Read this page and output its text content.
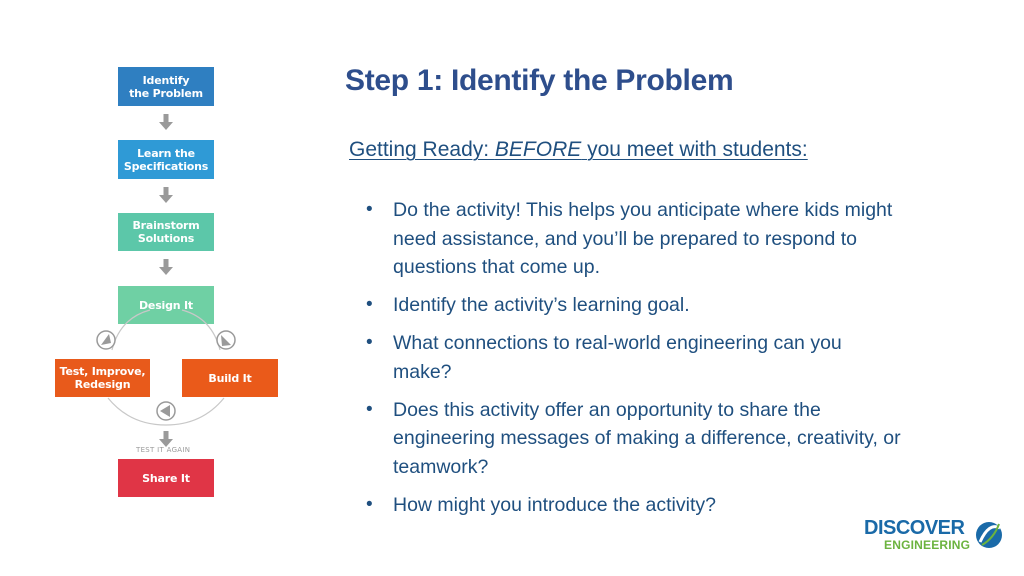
Identify
the Problem
Learn the
Specifications
Brainstorm
Solutions
Design It
Test, Improve,
Redesign	Build It
Share It
TEST IT AGAIN
Step 1: Identify the Problem

Getting Ready: BEFORE you meet with students:

• Do the activity! This helps you anticipate where kids might need assistance, and you’ll be prepared to respond to questions that come up.
• Identify the activity’s learning goal.
• What connections to real-world engineering can you make?
• Does this activity offer an opportunity to share the engineering messages of making a difference, creativity, or teamwork?
• How might you introduce the activity?
DISCOVER
ENGINEERING
